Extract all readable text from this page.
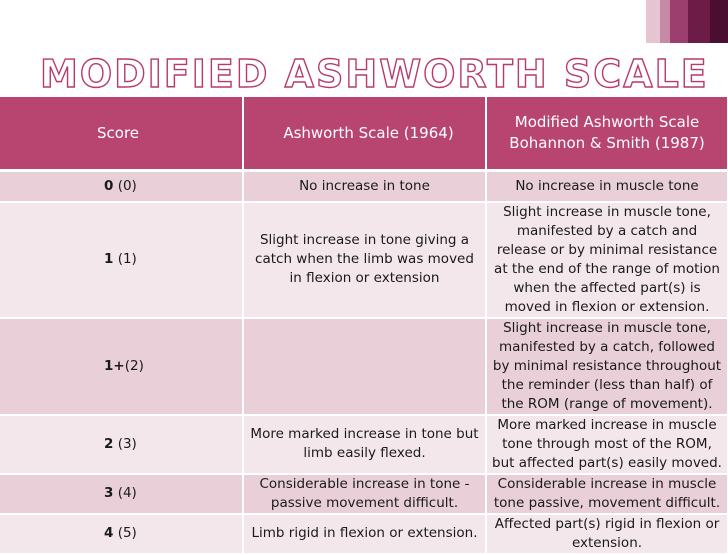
MODIFIED ASHWORTH SCALE
Score	Ashworth Scale (1964)	Modified Ashworth Scale
Bohannon & Smith (1987)
0 (0)	No increase in tone	No increase in muscle tone
1 (1)	Slight increase in tone giving a catch when the limb was moved in flexion or extension	Slight increase in muscle tone, manifested by a catch and release or by minimal resistance at the end of the range of motion when the affected part(s) is moved in flexion or extension.
1+(2)		Slight increase in muscle tone, manifested by a catch, followed by minimal resistance throughout the reminder (less than half) of the ROM (range of movement).
2 (3)	More marked increase in tone but limb easily flexed.	More marked increase in muscle tone through most of the ROM, but affected part(s) easily moved.
3 (4)	Considerable increase in tone - passive movement difficult.	Considerable increase in muscle tone passive, movement difficult.
4 (5)	Limb rigid in flexion or extension.	Affected part(s) rigid in flexion or extension.
